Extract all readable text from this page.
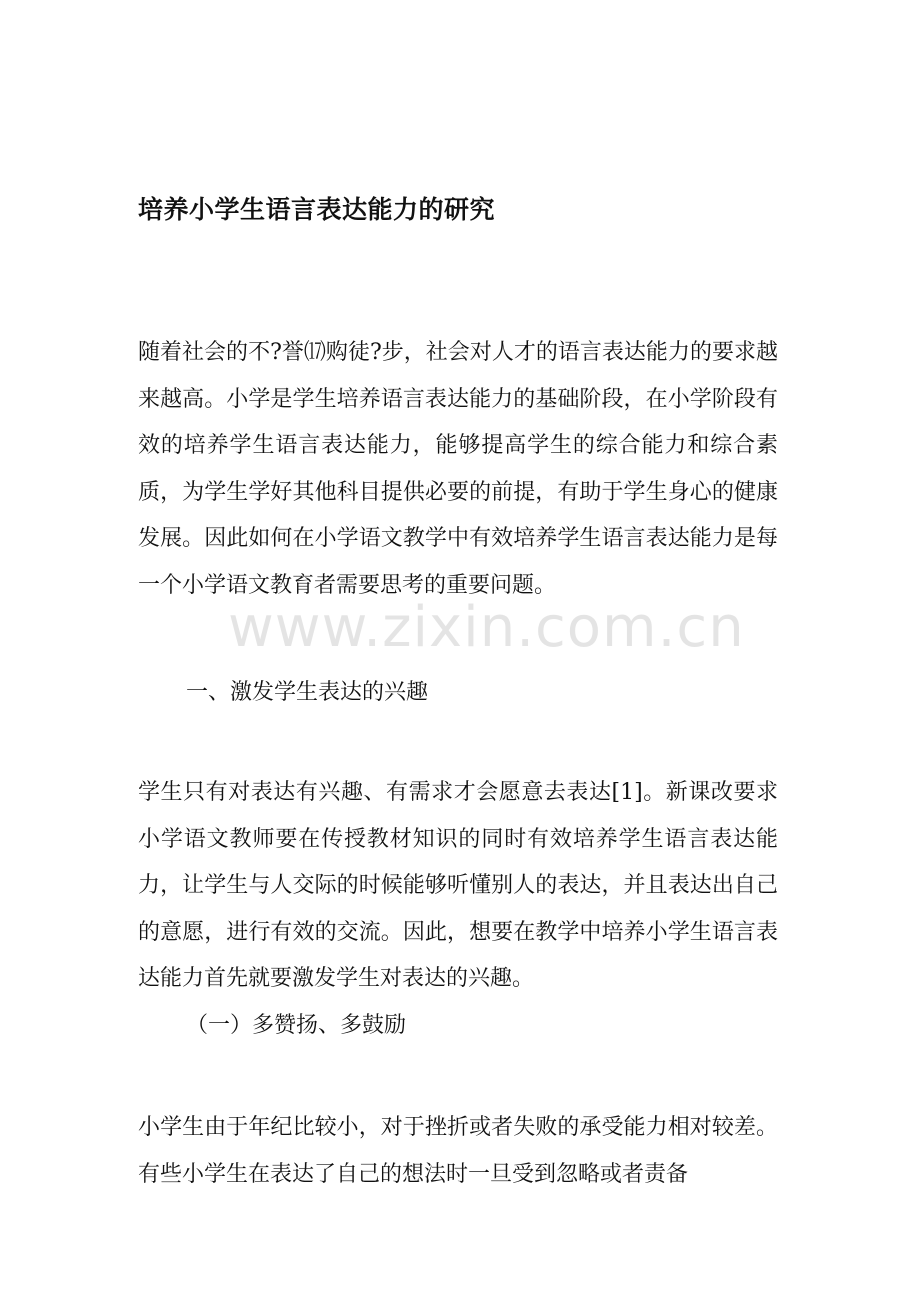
培养小学生语言表达能力的研究

随着社会的不?誉⒄购徒?步，社会对人才的语言表达能力的要求越来越高。小学是学生培养语言表达能力的基础阶段，在小学阶段有效的培养学生语言表达能力，能够提高学生的综合能力和综合素质，为学生学好其他科目提供必要的前提，有助于学生身心的健康发展。因此如何在小学语文教学中有效培养学生语言表达能力是每一个小学语文教育者需要思考的重要问题。

一、激发学生表达的兴趣

学生只有对表达有兴趣、有需求才会愿意去表达[1]。新课改要求小学语文教师要在传授教材知识的同时有效培养学生语言表达能力，让学生与人交际的时候能够听懂别人的表达，并且表达出自己的意愿，进行有效的交流。因此，想要在教学中培养小学生语言表达能力首先就要激发学生对表达的兴趣。

（一）多赞扬、多鼓励

小学生由于年纪比较小，对于挫折或者失败的承受能力相对较差。有些小学生在表达了自己的想法时一旦受到忽略或者责备

www.zixin.com.cn
